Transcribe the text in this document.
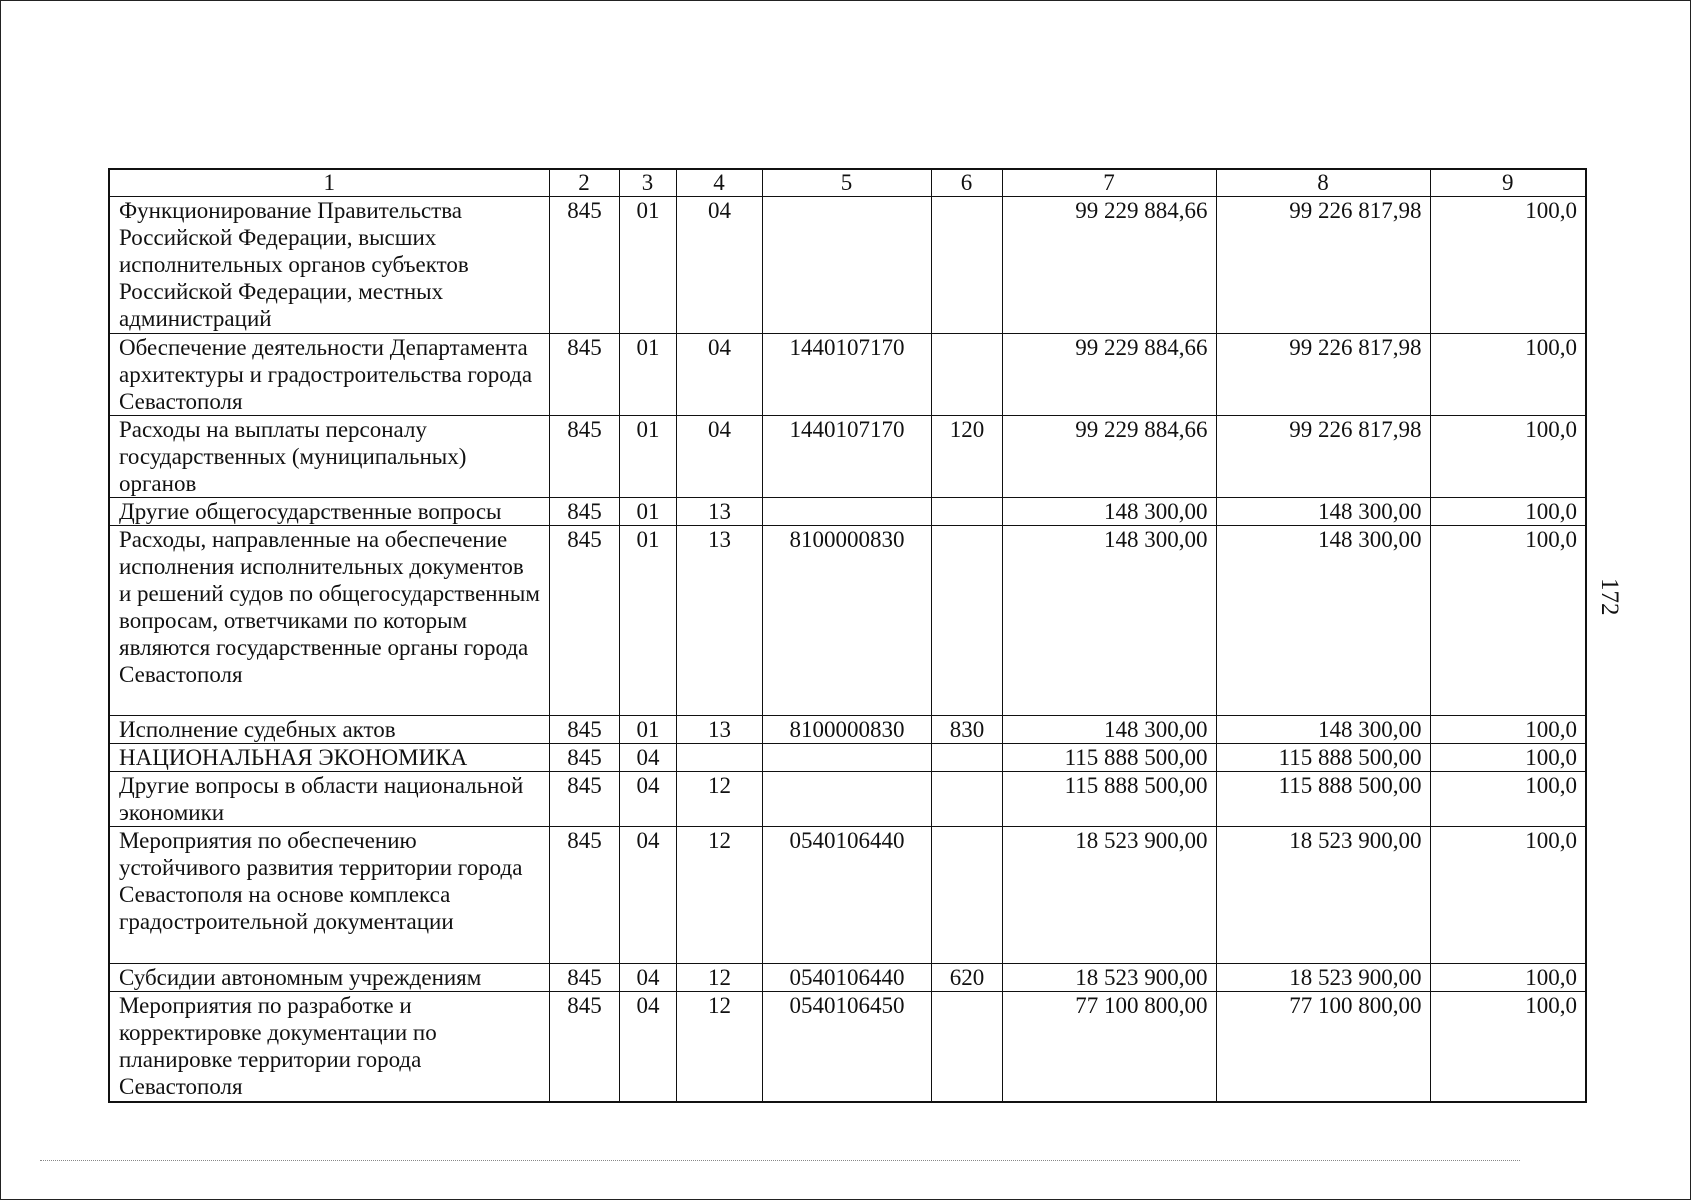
1	2	3	4	5	6	7	8	9
Функционирование Правительства Российской Федерации, высших исполнительных органов субъектов Российской Федерации, местных администраций	845	01	04			99 229 884,66	99 226 817,98	100,0
Обеспечение деятельности Департамента архитектуры и градостроительства города Севастополя	845	01	04	1440107170		99 229 884,66	99 226 817,98	100,0
Расходы на выплаты персоналу государственных (муниципальных) органов	845	01	04	1440107170	120	99 229 884,66	99 226 817,98	100,0
Другие общегосударственные вопросы	845	01	13			148 300,00	148 300,00	100,0
Расходы, направленные на обеспечение исполнения исполнительных документов и решений судов по общегосударственным вопросам, ответчиками по которым являются государственные органы города Севастополя	845	01	13	8100000830		148 300,00	148 300,00	100,0
Исполнение судебных актов	845	01	13	8100000830	830	148 300,00	148 300,00	100,0
НАЦИОНАЛЬНАЯ ЭКОНОМИКА	845	04				115 888 500,00	115 888 500,00	100,0
Другие вопросы в области национальной экономики	845	04	12			115 888 500,00	115 888 500,00	100,0
Мероприятия по обеспечению устойчивого развития территории города Севастополя на основе комплекса градостроительной документации	845	04	12	0540106440		18 523 900,00	18 523 900,00	100,0
Субсидии автономным учреждениям	845	04	12	0540106440	620	18 523 900,00	18 523 900,00	100,0
Мероприятия по разработке и корректировке документации по планировке территории города Севастополя	845	04	12	0540106450		77 100 800,00	77 100 800,00	100,0
172
